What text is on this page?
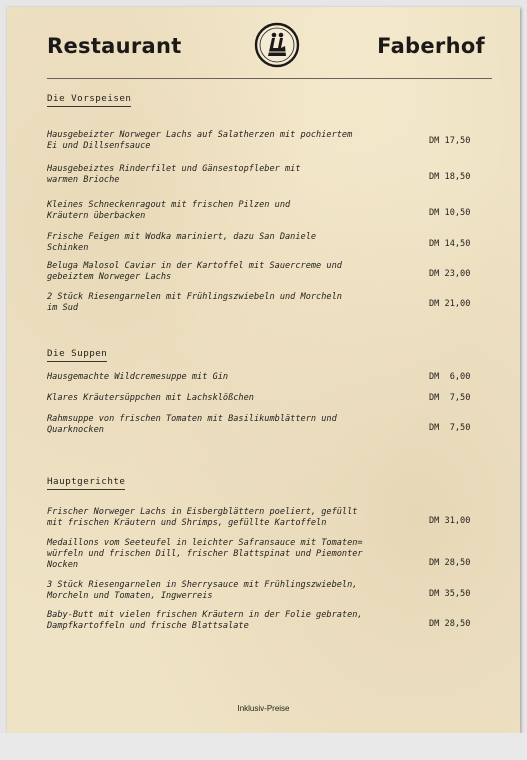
Restaurant	Faberhof
Die Vorspeisen
Hausgebeizter Norweger Lachs auf Salatherzen mit pochiertem
Ei und Dillsenfsauce	DM 17,50
Hausgebeiztes Rinderfilet und Gänsestopfleber mit
warmen Brioche	DM 18,50
Kleines Schneckenragout mit frischen Pilzen und
Kräutern überbacken	DM 10,50
Frische Feigen mit Wodka mariniert, dazu San Daniele
Schinken	DM 14,50
Beluga Malosol Caviar in der Kartoffel mit Sauercreme und
gebeiztem Norweger Lachs	DM 23,00
2 Stück Riesengarnelen mit Frühlingszwiebeln und Morcheln
im Sud	DM 21,00
Die Suppen
Hausgemachte Wildcremesuppe mit Gin	DM  6,00
Klares Kräutersüppchen mit Lachsklößchen	DM  7,50
Rahmsuppe von frischen Tomaten mit Basilikumblättern und
Quarknocken	DM  7,50
Hauptgerichte
Frischer Norweger Lachs in Eisbergblättern poeliert, gefüllt
mit frischen Kräutern und Shrimps, gefüllte Kartoffeln	DM 31,00
Medaillons vom Seeteufel in leichter Safransauce mit Tomaten=
würfeln und frischen Dill, frischer Blattspinat und Piemonter
Nocken	DM 28,50
3 Stück Riesengarnelen in Sherrysauce mit Frühlingszwiebeln,
Morcheln und Tomaten, Ingwerreis	DM 35,50
Baby-Butt mit vielen frischen Kräutern in der Folie gebraten,
Dampfkartoffeln und frische Blattsalate	DM 28,50
Inklusiv-Preise
